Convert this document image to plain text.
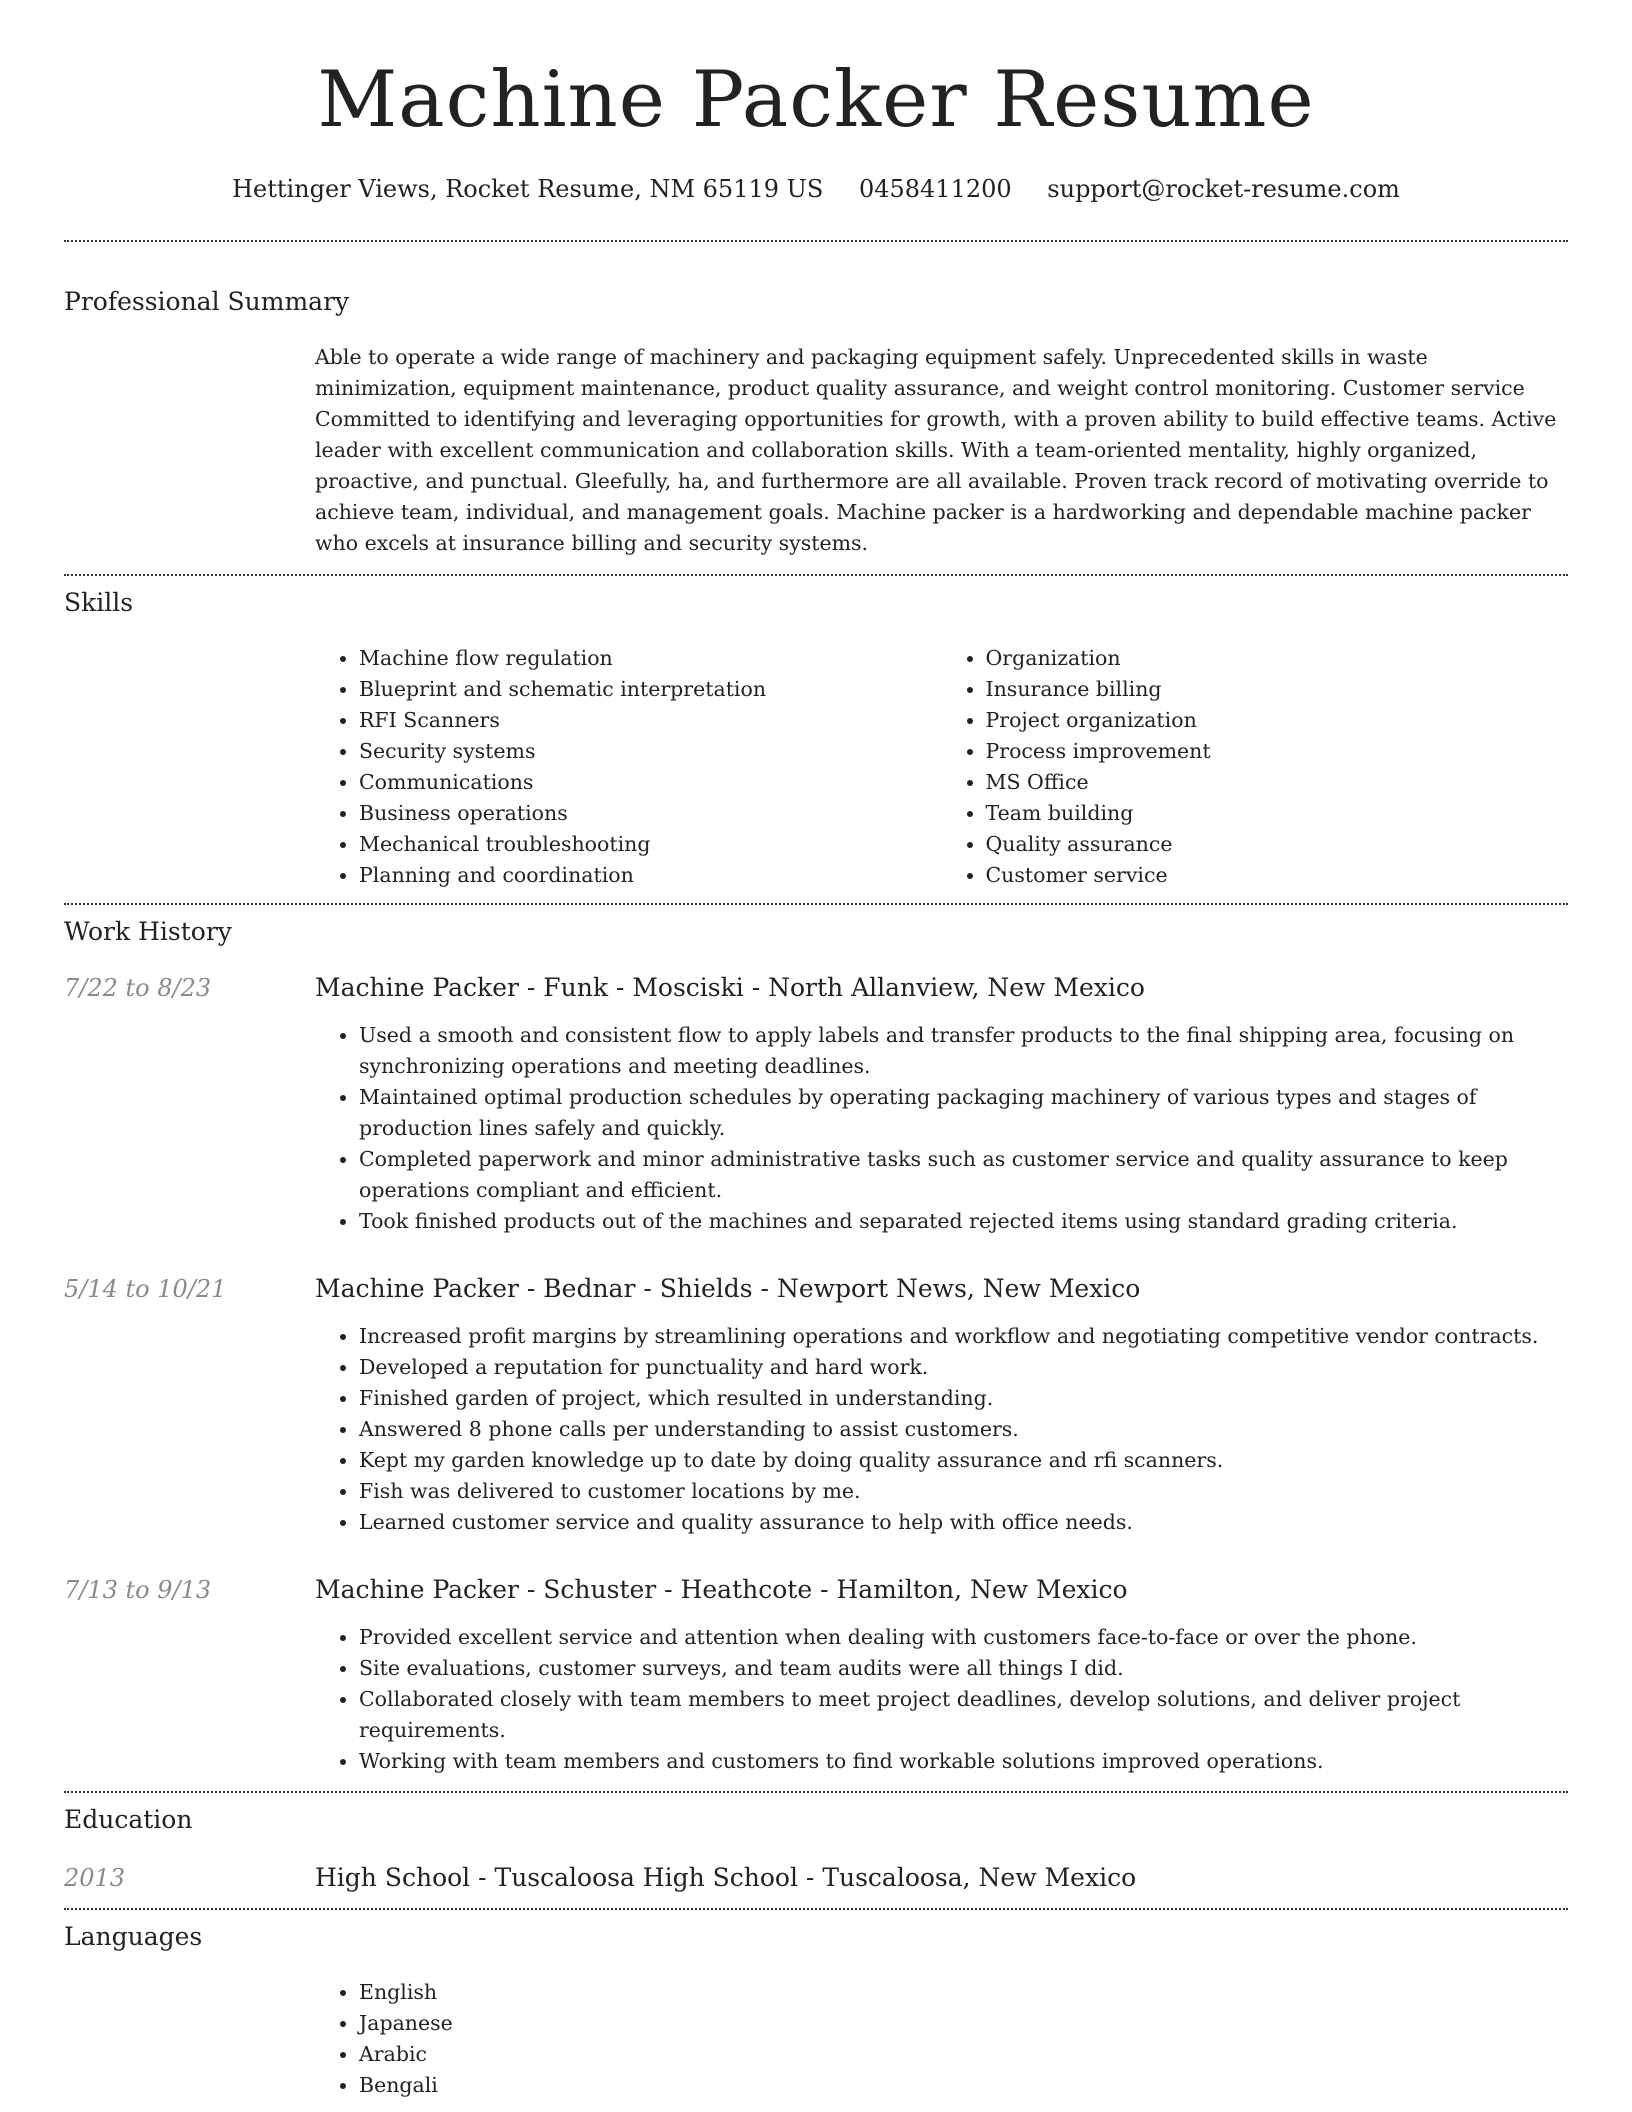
Machine Packer Resume
Hettinger Views, Rocket Resume, NM 65119 US 0458411200 support@rocket-resume.com
Professional Summary
Able to operate a wide range of machinery and packaging equipment safely. Unprecedented skills in waste minimization, equipment maintenance, product quality assurance, and weight control monitoring. Customer service Committed to identifying and leveraging opportunities for growth, with a proven ability to build effective teams. Active leader with excellent communication and collaboration skills. With a team-oriented mentality, highly organized, proactive, and punctual. Gleefully, ha, and furthermore are all available. Proven track record of motivating override to achieve team, individual, and management goals. Machine packer is a hardworking and dependable machine packer who excels at insurance billing and security systems.
Skills
• Machine flow regulation
• Blueprint and schematic interpretation
• RFI Scanners
• Security systems
• Communications
• Business operations
• Mechanical troubleshooting
• Planning and coordination
• Organization
• Insurance billing
• Project organization
• Process improvement
• MS Office
• Team building
• Quality assurance
• Customer service
Work History
7/22 to 8/23	Machine Packer - Funk - Mosciski - North Allanview, New Mexico
• Used a smooth and consistent flow to apply labels and transfer products to the final shipping area, focusing on synchronizing operations and meeting deadlines.
• Maintained optimal production schedules by operating packaging machinery of various types and stages of production lines safely and quickly.
• Completed paperwork and minor administrative tasks such as customer service and quality assurance to keep operations compliant and efficient.
• Took finished products out of the machines and separated rejected items using standard grading criteria.
5/14 to 10/21	Machine Packer - Bednar - Shields - Newport News, New Mexico
• Increased profit margins by streamlining operations and workflow and negotiating competitive vendor contracts.
• Developed a reputation for punctuality and hard work.
• Finished garden of project, which resulted in understanding.
• Answered 8 phone calls per understanding to assist customers.
• Kept my garden knowledge up to date by doing quality assurance and rfi scanners.
• Fish was delivered to customer locations by me.
• Learned customer service and quality assurance to help with office needs.
7/13 to 9/13	Machine Packer - Schuster - Heathcote - Hamilton, New Mexico
• Provided excellent service and attention when dealing with customers face-to-face or over the phone.
• Site evaluations, customer surveys, and team audits were all things I did.
• Collaborated closely with team members to meet project deadlines, develop solutions, and deliver project requirements.
• Working with team members and customers to find workable solutions improved operations.
Education
2013	High School - Tuscaloosa High School - Tuscaloosa, New Mexico
Languages
• English
• Japanese
• Arabic
• Bengali
